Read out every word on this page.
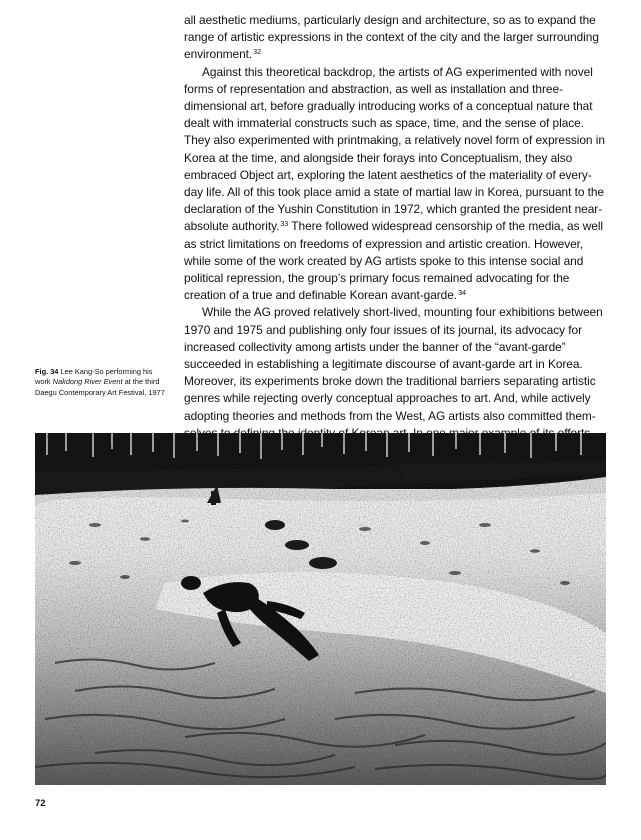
all aesthetic mediums, particularly design and architecture, so as to expand the range of artistic expressions in the context of the city and the larger surrounding environment.$^{32}$

Against this theoretical backdrop, the artists of AG experimented with novel forms of representation and abstraction, as well as installation and three-dimensional art, before gradually introducing works of a conceptual nature that dealt with immaterial constructs such as space, time, and the sense of place. They also experimented with printmaking, a relatively novel form of expression in Korea at the time, and alongside their forays into Conceptualism, they also embraced Object art, exploring the latent aesthetics of the materiality of every-day life. All of this took place amid a state of martial law in Korea, pursuant to the declaration of the Yushin Constitution in 1972, which granted the president near-absolute authority.$^{33}$ There followed widespread censorship of the media, as well as strict limitations on freedoms of expression and artistic creation. However, while some of the work created by AG artists spoke to this intense social and political repression, the group’s primary focus remained advocating for the creation of a true and definable Korean avant-garde.$^{34}$

While the AG proved relatively short-lived, mounting four exhibitions between 1970 and 1975 and publishing only four issues of its journal, its advocacy for increased collectivity among artists under the banner of the “avant-garde” succeeded in establishing a legitimate discourse of avant-garde art in Korea. Moreover, its experiments broke down the traditional barriers separating artistic genres while rejecting overly conceptual approaches to art. And, while actively adopting theories and methods from the West, AG artists also committed them-

Fig. 34 Lee Kang-So performing his work Nakdong River Event at the third Daegu Contemporary Art Festival, 1977
72
